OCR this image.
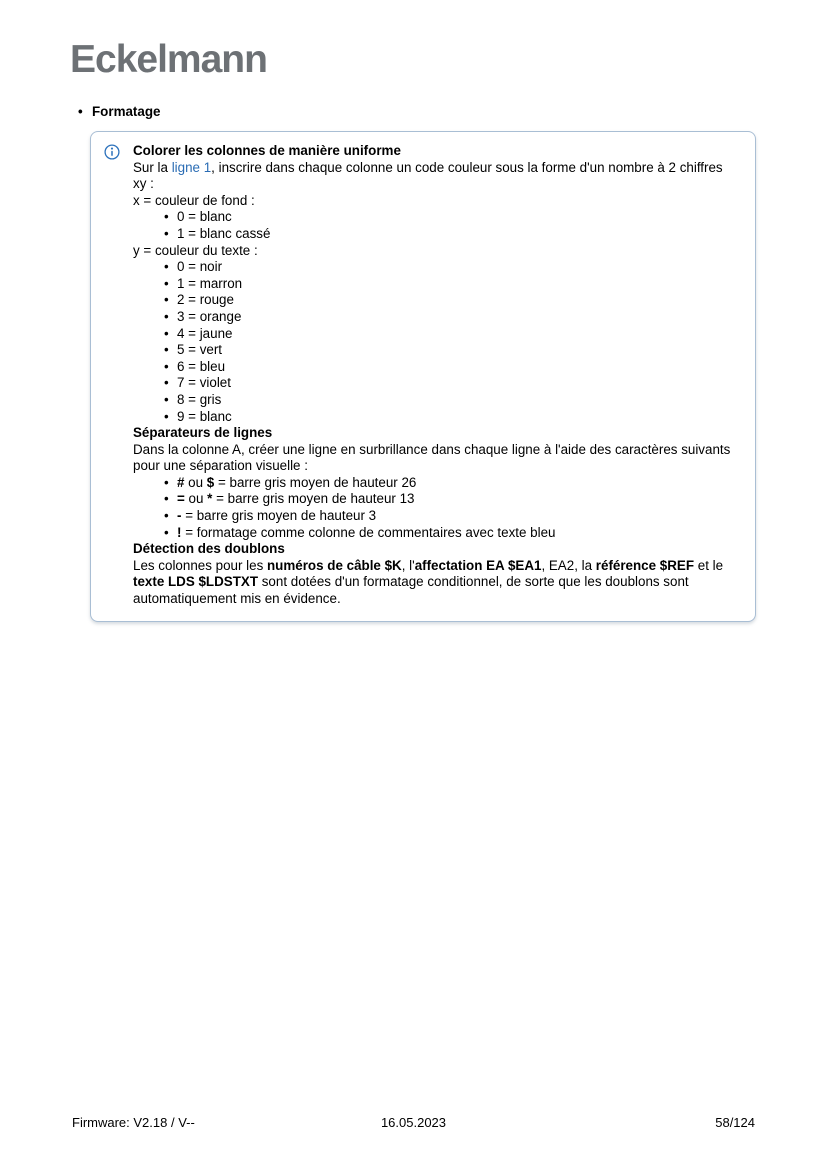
Eckelmann
• Formatage
Colorer les colonnes de manière uniforme
Sur la ligne 1, inscrire dans chaque colonne un code couleur sous la forme d'un nombre à 2 chiffres
xy :
x = couleur de fond :
• 0 = blanc
• 1 = blanc cassé
y = couleur du texte :
• 0 = noir
• 1 = marron
• 2 = rouge
• 3 = orange
• 4 = jaune
• 5 = vert
• 6 = bleu
• 7 = violet
• 8 = gris
• 9 = blanc
Séparateurs de lignes
Dans la colonne A, créer une ligne en surbrillance dans chaque ligne à l'aide des caractères suivants pour une séparation visuelle :
• # ou $ = barre gris moyen de hauteur 26
• = ou * = barre gris moyen de hauteur 13
• - = barre gris moyen de hauteur 3
• ! = formatage comme colonne de commentaires avec texte bleu
Détection des doublons
Les colonnes pour les numéros de câble $K, l'affectation EA $EA1, EA2, la référence $REF et le texte LDS $LDSTXT sont dotées d'un formatage conditionnel, de sorte que les doublons sont automatiquement mis en évidence.
Firmware: V2.18 / V--	16.05.2023	58/124
